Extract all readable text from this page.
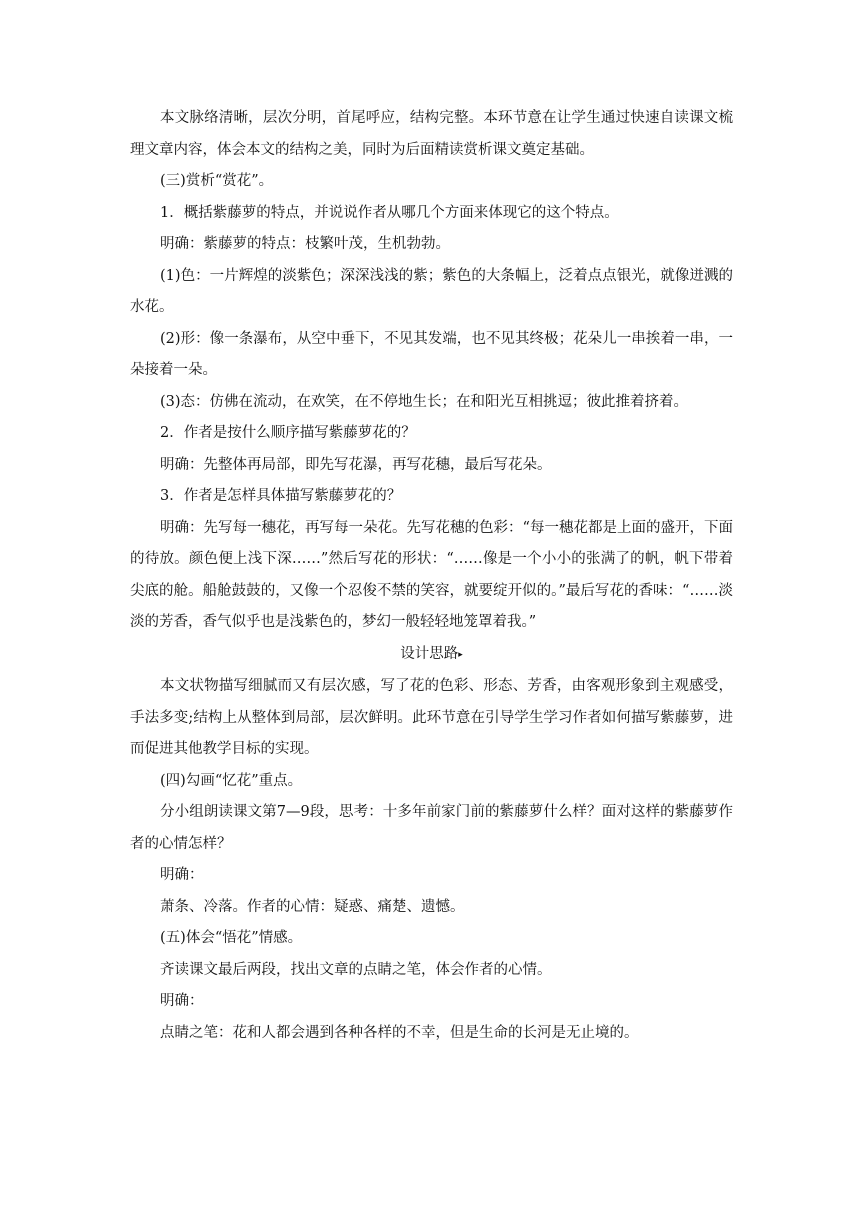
本文脉络清晰，层次分明，首尾呼应，结构完整。本环节意在让学生通过快速自读课文梳理文章内容，体会本文的结构之美，同时为后面精读赏析课文奠定基础。

(三)赏析“赏花”。

1．概括紫藤萝的特点，并说说作者从哪几个方面来体现它的这个特点。

明确：紫藤萝的特点：枝繁叶茂，生机勃勃。

(1)色：一片辉煌的淡紫色；深深浅浅的紫；紫色的大条幅上，泛着点点银光，就像迸溅的水花。

(2)形：像一条瀑布，从空中垂下，不见其发端，也不见其终极；花朵儿一串挨着一串，一朵接着一朵。

(3)态：仿佛在流动，在欢笑，在不停地生长；在和阳光互相挑逗；彼此推着挤着。

2．作者是按什么顺序描写紫藤萝花的？

明确：先整体再局部，即先写花瀑，再写花穗，最后写花朵。

3．作者是怎样具体描写紫藤萝花的？

明确：先写每一穗花，再写每一朵花。先写花穗的色彩：“每一穗花都是上面的盛开，下面的待放。颜色便上浅下深……”然后写花的形状：“……像是一个小小的张满了的帆，帆下带着尖底的舱。船舱鼓鼓的，又像一个忍俊不禁的笑容，就要绽开似的。”最后写花的香味：“……淡淡的芳香，香气似乎也是浅紫色的，梦幻一般轻轻地笼罩着我。”

设计思路▸

本文状物描写细腻而又有层次感，写了花的色彩、形态、芳香，由客观形象到主观感受，手法多变;结构上从整体到局部，层次鲜明。此环节意在引导学生学习作者如何描写紫藤萝，进而促进其他教学目标的实现。

(四)勾画“忆花”重点。

分小组朗读课文第7—9段，思考：十多年前家门前的紫藤萝什么样？面对这样的紫藤萝作者的心情怎样？

明确：

萧条、冷落。作者的心情：疑惑、痛楚、遗憾。

(五)体会“悟花”情感。

齐读课文最后两段，找出文章的点睛之笔，体会作者的心情。

明确：

点睛之笔：花和人都会遇到各种各样的不幸，但是生命的长河是无止境的。
